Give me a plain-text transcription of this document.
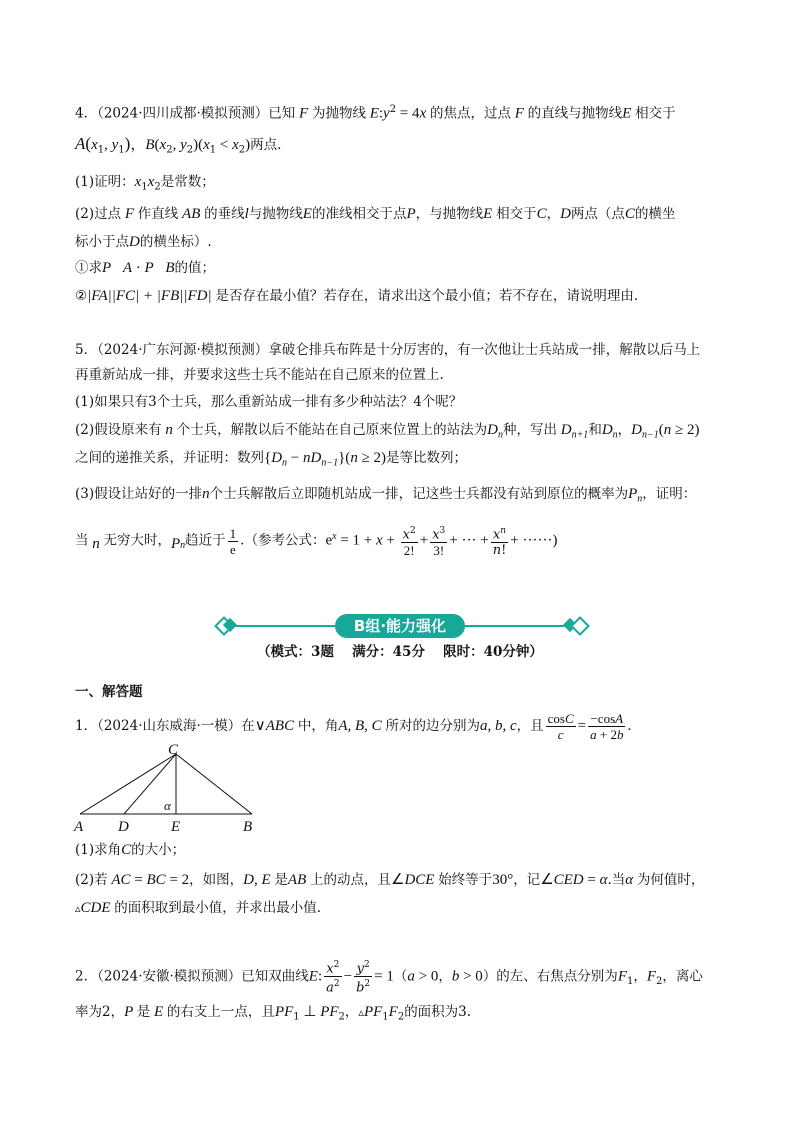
4．（2024·四川成都·模拟预测）已知 F 为抛物线 $E:y^2 = 4x$ 的焦点，过点 F 的直线与抛物线E 相交于
$A(x_1$, $y_1$)，$B(x_2$, $y_2)(x_1 < x_2)$两点.
(1)证明：$x_1x_2$是常数；
(2)过点 F 作直线 AB 的垂线l与抛物线E的准线相交于点P，与抛物线E 相交于C，D两点（点C的横坐
标小于点D的横坐标）.
①求P⃗A · P⃗B的值；
②|FA||FC| + |FB||FD| 是否存在最小值？若存在，请求出这个最小值；若不存在，请说明理由.
5．（2024·广东河源·模拟预测）拿破仑排兵布阵是十分厉害的，有一次他让士兵站成一排，解散以后马上
再重新站成一排，并要求这些士兵不能站在自己原来的位置上.
(1)如果只有3个士兵，那么重新站成一排有多少种站法？4个呢？
(2)假设原来有 n 个士兵，解散以后不能站在自己原来位置上的站法为$D_n$种，写出 $D_{n+1}$和$D_n$，$D_{n-1}(n \ge 2)$
之间的递推关系，并证明：数列$\{D_n - nD_{n-1}\}(n \ge 2)$是等比数列；
(3)假设让站好的一排n个士兵解散后立即随机站成一排，记这些士兵都没有站到原位的概率为$P_n$，证明：
当 n 无穷大时，$P_n$趋近于 $\frac{1}{e}$ .（参考公式：$e^x = 1 + x + \frac{x^2}{2!} + \frac{x^3}{3!}$ + ··· + $\frac{x^n}{n!}$ + ······)
B组·能力强化
（模式：3题　 满分：45分　 限时：40分钟）
一、解答题
1．（2024·山东威海·一模）在∨ABC 中，角A, B, C 所对的边分别为a, b, c，且 $\frac{\cos C}{c} = \frac{-\cos A}{a + 2b}$ .
C
A D	E	B
α
(1)求角C的大小；
(2)若 AC = BC = 2，如图，D, E 是AB 上的动点，且∠DCE 始终等于30°，记∠CED = α.当α 为何值时，
▵CDE 的面积取到最小值，并求出最小值.
2．（2024·安徽·模拟预测）已知双曲线E: $\frac{x^2}{a^2} - \frac{y^2}{b^2} = 1(a > 0$，b > 0）的左、右焦点分别为$F_1$，$F_2$，离心
率为2，P 是 E 的右支上一点，且$PF_1$ ⊥ $PF_2$，$▵PF_1F_2$的面积为3.
